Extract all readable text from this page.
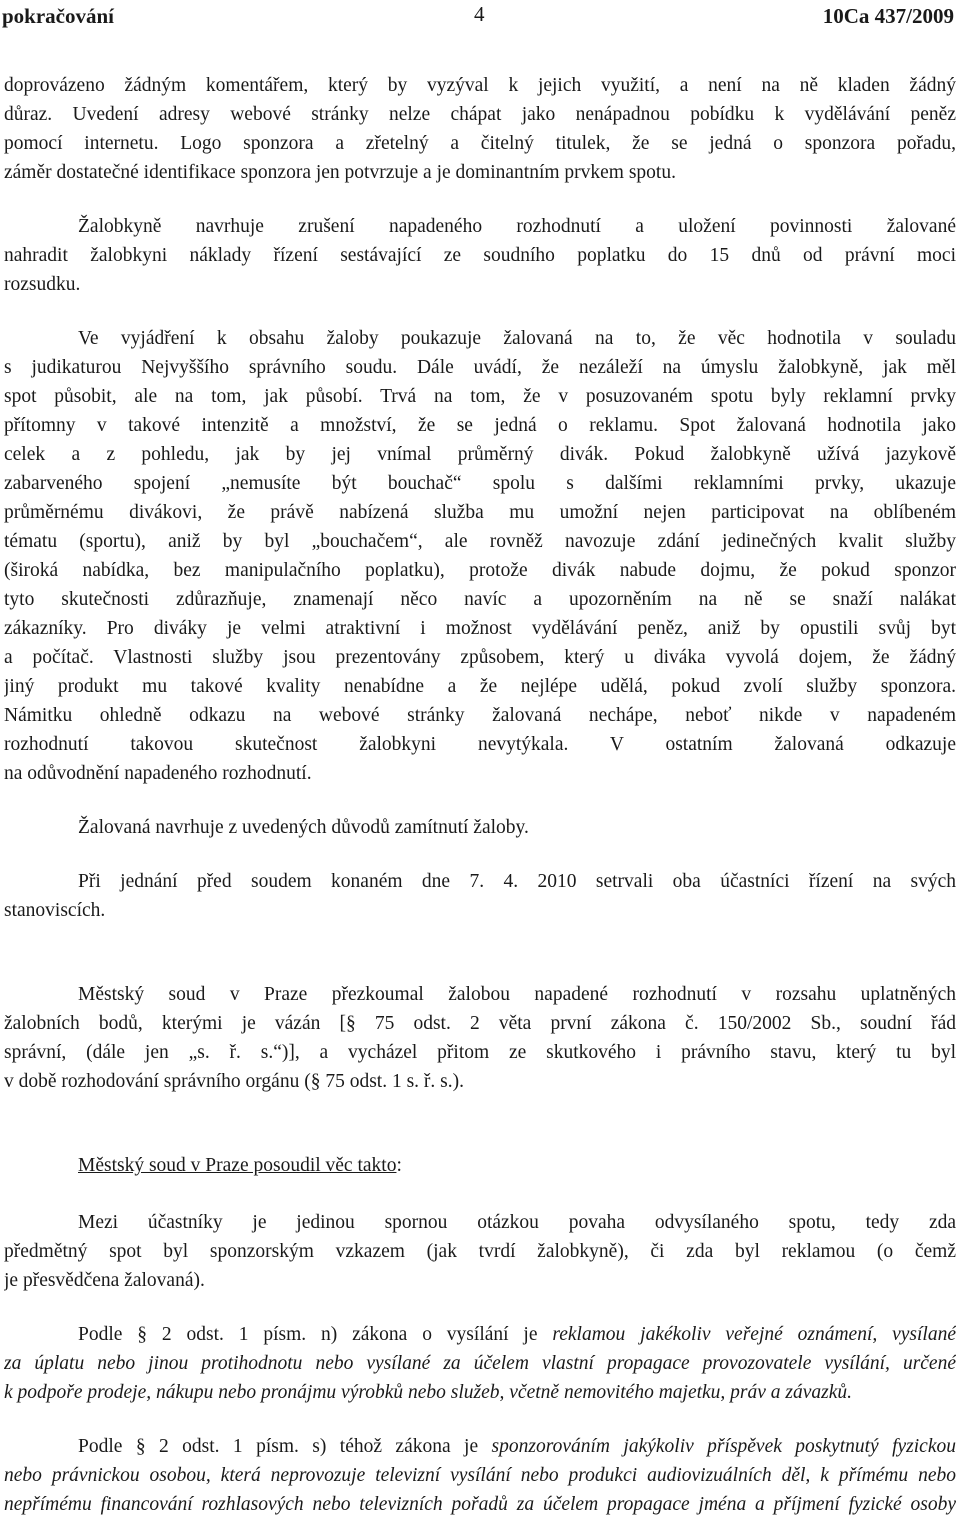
pokračování	4	10Ca 437/2009
doprovázeno žádným komentářem, který by vyzýval k jejich využití, a není na ně kladen žádný
důraz. Uvedení adresy webové stránky nelze chápat jako nenápadnou pobídku k vydělávání peněz
pomocí internetu. Logo sponzora a zřetelný a čitelný titulek, že se jedná o sponzora pořadu,
záměr dostatečné identifikace sponzora jen potvrzuje a je dominantním prvkem spotu.
Žalobkyně navrhuje zrušení napadeného rozhodnutí a uložení povinnosti žalované
nahradit žalobkyni náklady řízení sestávající ze soudního poplatku do 15 dnů od právní moci
rozsudku.
Ve vyjádření k obsahu žaloby poukazuje žalovaná na to, že věc hodnotila v souladu
s judikaturou Nejvyššího správního soudu. Dále uvádí, že nezáleží na úmyslu žalobkyně, jak měl
spot působit, ale na tom, jak působí. Trvá na tom, že v posuzovaném spotu byly reklamní prvky
přítomny v takové intenzitě a množství, že se jedná o reklamu. Spot žalovaná hodnotila jako
celek a z pohledu, jak by jej vnímal průměrný divák. Pokud žalobkyně užívá jazykově
zabarveného spojení „nemusíte být bouchač“ spolu s dalšími reklamními prvky, ukazuje
průměrnému divákovi, že právě nabízená služba mu umožní nejen participovat na oblíbeném
tématu (sportu), aniž by byl „bouchačem“, ale rovněž navozuje zdání jedinečných kvalit služby
(široká nabídka, bez manipulačního poplatku), protože divák nabude dojmu, že pokud sponzor
tyto skutečnosti zdůrazňuje, znamenají něco navíc a upozorněním na ně se snaží nalákat
zákazníky. Pro diváky je velmi atraktivní i možnost vydělávání peněz, aniž by opustili svůj byt
a počítač. Vlastnosti služby jsou prezentovány způsobem, který u diváka vyvolá dojem, že žádný
jiný produkt mu takové kvality nenabídne a že nejlépe udělá, pokud zvolí služby sponzora.
Námitku ohledně odkazu na webové stránky žalovaná nechápe, neboť nikde v napadeném
rozhodnutí takovou skutečnost žalobkyni nevytýkala. V ostatním žalovaná odkazuje
na odůvodnění napadeného rozhodnutí.
Žalovaná navrhuje z uvedených důvodů zamítnutí žaloby.
Při jednání před soudem konaném dne 7. 4. 2010 setrvali oba účastníci řízení na svých
stanoviscích.
Městský soud v Praze přezkoumal žalobou napadené rozhodnutí v rozsahu uplatněných
žalobních bodů, kterými je vázán [§ 75 odst. 2 věta první zákona č. 150/2002 Sb., soudní řád
správní, (dále jen „s. ř. s.“)], a vycházel přitom ze skutkového i právního stavu, který tu byl
v době rozhodování správního orgánu (§ 75 odst. 1 s. ř. s.).
Městský soud v Praze posoudil věc takto:
Mezi účastníky je jedinou spornou otázkou povaha odvysílaného spotu, tedy zda
předmětný spot byl sponzorským vzkazem (jak tvrdí žalobkyně), či zda byl reklamou (o čemž
je přesvědčena žalovaná).
Podle § 2 odst. 1 písm. n) zákona o vysílání je reklamou jakékoliv veřejné oznámení, vysílané
za úplatu nebo jinou protihodnotu nebo vysílané za účelem vlastní propagace provozovatele vysílání, určené
k podpoře prodeje, nákupu nebo pronájmu výrobků nebo služeb, včetně nemovitého majetku, práv a závazků.
Podle § 2 odst. 1 písm. s) téhož zákona je sponzorováním jakýkoliv příspěvek poskytnutý fyzickou
nebo právnickou osobou, která neprovozuje televizní vysílání nebo produkci audiovizuálních děl, k přímému nebo
nepřímému financování rozhlasových nebo televizních pořadů za účelem propagace jména a příjmení fyzické osoby
